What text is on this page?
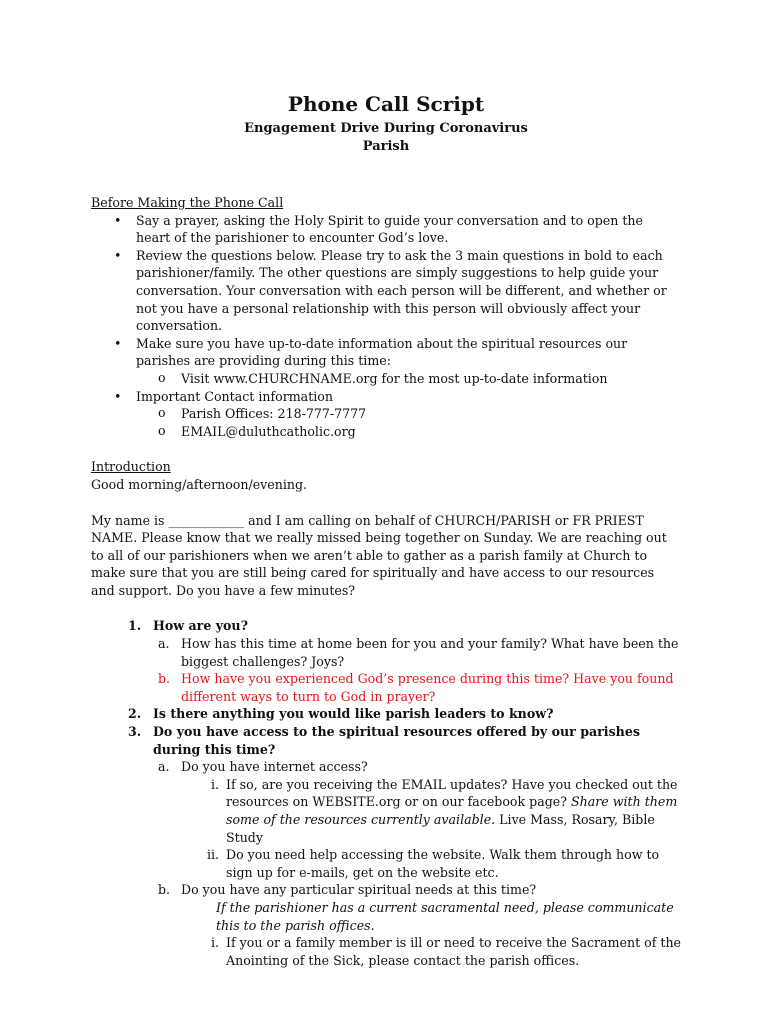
Phone Call Script
Engagement Drive During Coronavirus
Parish
Before Making the Phone Call
• Say a prayer, asking the Holy Spirit to guide your conversation and to open the heart of the parishioner to encounter God’s love.
• Review the questions below. Please try to ask the 3 main questions in bold to each parishioner/family. The other questions are simply suggestions to help guide your conversation. Your conversation with each person will be different, and whether or not you have a personal relationship with this person will obviously affect your conversation.
• Make sure you have up-to-date information about the spiritual resources our parishes are providing during this time:
o Visit www.CHURCHNAME.org for the most up-to-date information
• Important Contact information
o Parish Offices: 218-777-7777
o EMAIL@duluthcatholic.org
Introduction
Good morning/afternoon/evening.
My name is ____________ and I am calling on behalf of CHURCH/PARISH or FR PRIEST NAME. Please know that we really missed being together on Sunday. We are reaching out to all of our parishioners when we aren’t able to gather as a parish family at Church to make sure that you are still being cared for spiritually and have access to our resources and support. Do you have a few minutes?
1. How are you?
a. How has this time at home been for you and your family? What have been the biggest challenges? Joys?
b. How have you experienced God’s presence during this time? Have you found different ways to turn to God in prayer?
2. Is there anything you would like parish leaders to know?
3. Do you have access to the spiritual resources offered by our parishes during this time?
a. Do you have internet access?
i. If so, are you receiving the EMAIL updates? Have you checked out the resources on WEBSITE.org or on our facebook page? Share with them some of the resources currently available. Live Mass, Rosary, Bible Study
ii. Do you need help accessing the website. Walk them through how to sign up for e-mails, get on the website etc.
b. Do you have any particular spiritual needs at this time?
If the parishioner has a current sacramental need, please communicate this to the parish offices.
i. If you or a family member is ill or need to receive the Sacrament of the Anointing of the Sick, please contact the parish offices.
